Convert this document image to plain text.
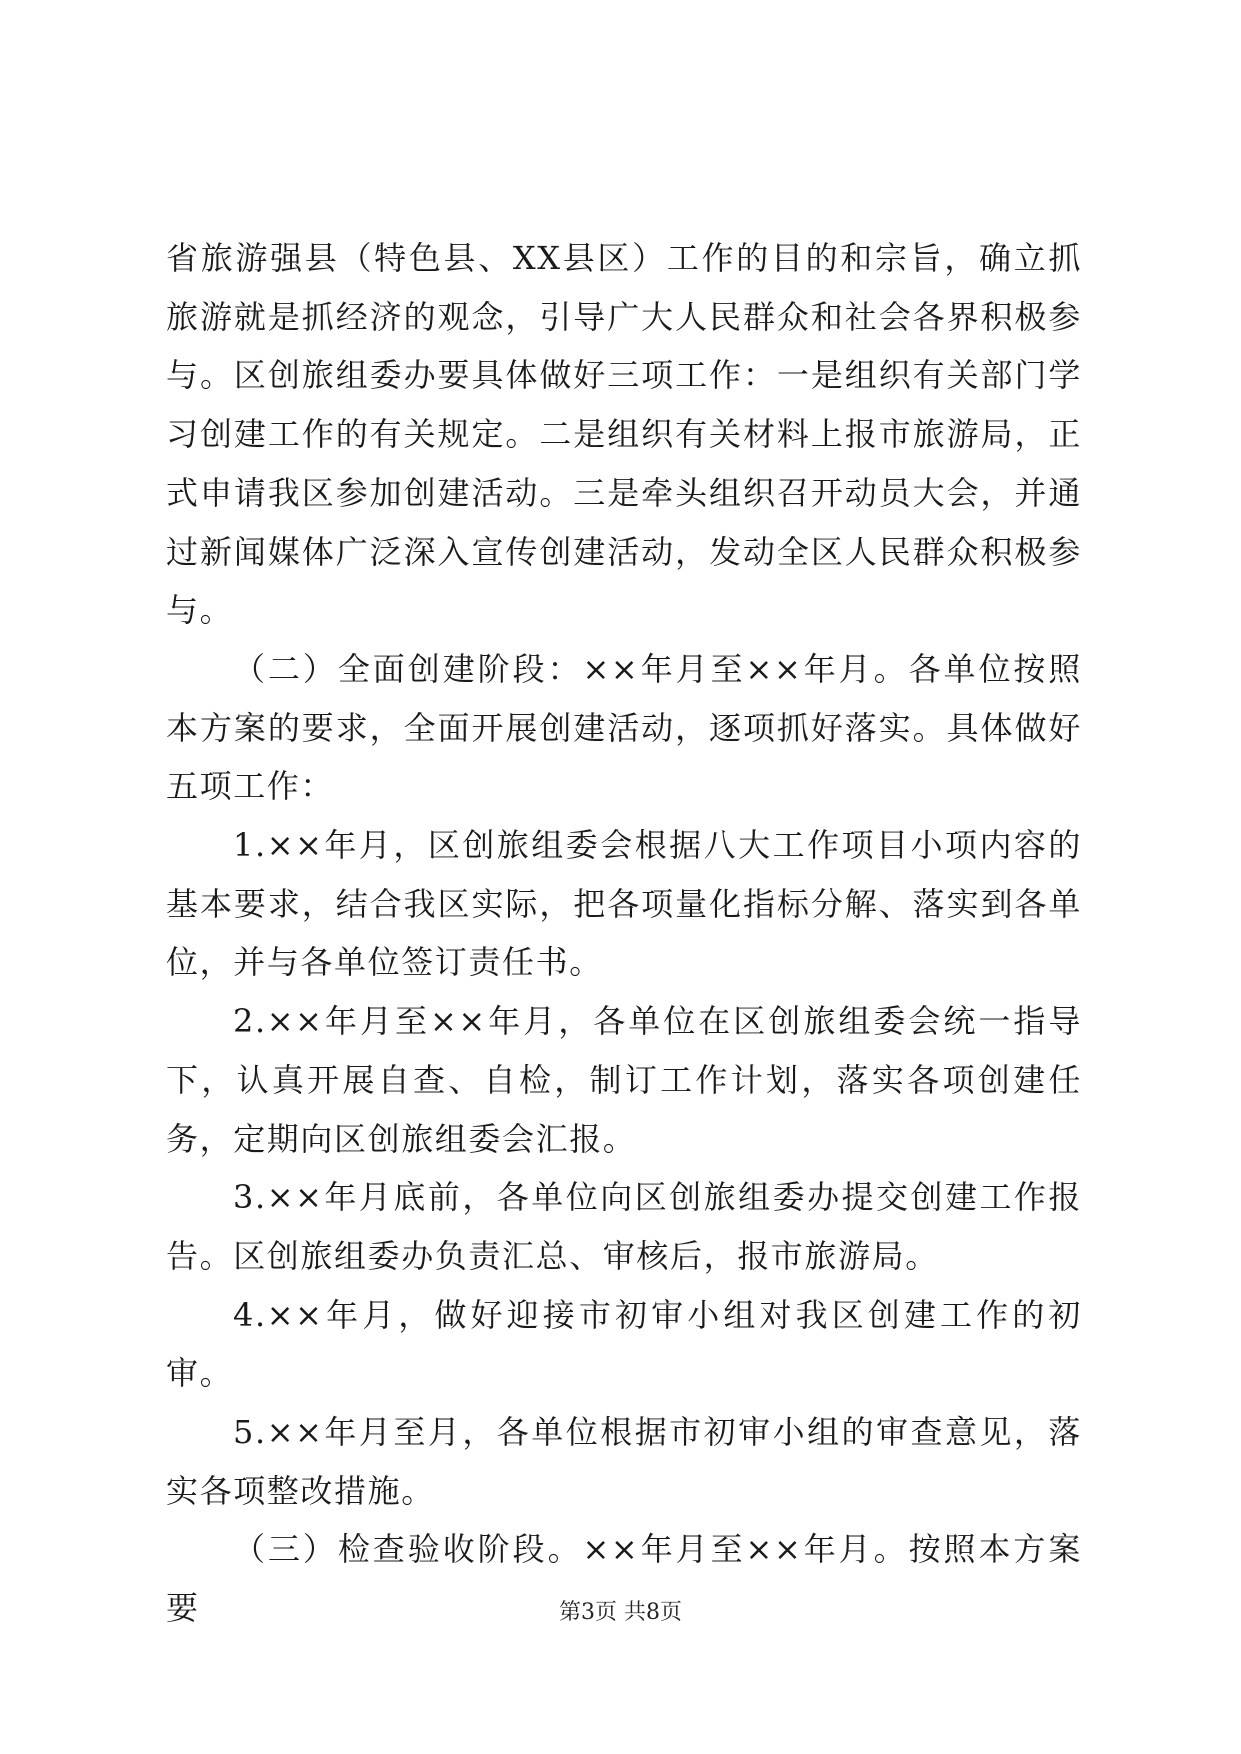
省旅游强县（特色县、XX县区）工作的目的和宗旨，确立抓旅游就是抓经济的观念，引导广大人民群众和社会各界积极参与。区创旅组委办要具体做好三项工作：一是组织有关部门学习创建工作的有关规定。二是组织有关材料上报市旅游局，正式申请我区参加创建活动。三是牵头组织召开动员大会，并通过新闻媒体广泛深入宣传创建活动，发动全区人民群众积极参与。

（二）全面创建阶段：××年月至××年月。各单位按照本方案的要求，全面开展创建活动，逐项抓好落实。具体做好五项工作：

1.××年月，区创旅组委会根据八大工作项目小项内容的基本要求，结合我区实际，把各项量化指标分解、落实到各单位，并与各单位签订责任书。

2.××年月至××年月，各单位在区创旅组委会统一指导下，认真开展自查、自检，制订工作计划，落实各项创建任务，定期向区创旅组委会汇报。

3.××年月底前，各单位向区创旅组委办提交创建工作报告。区创旅组委办负责汇总、审核后，报市旅游局。

4.××年月，做好迎接市初审小组对我区创建工作的初审。

5.××年月至月，各单位根据市初审小组的审查意见，落实各项整改措施。

（三）检查验收阶段。××年月至××年月。按照本方案要	第3页 共8页
